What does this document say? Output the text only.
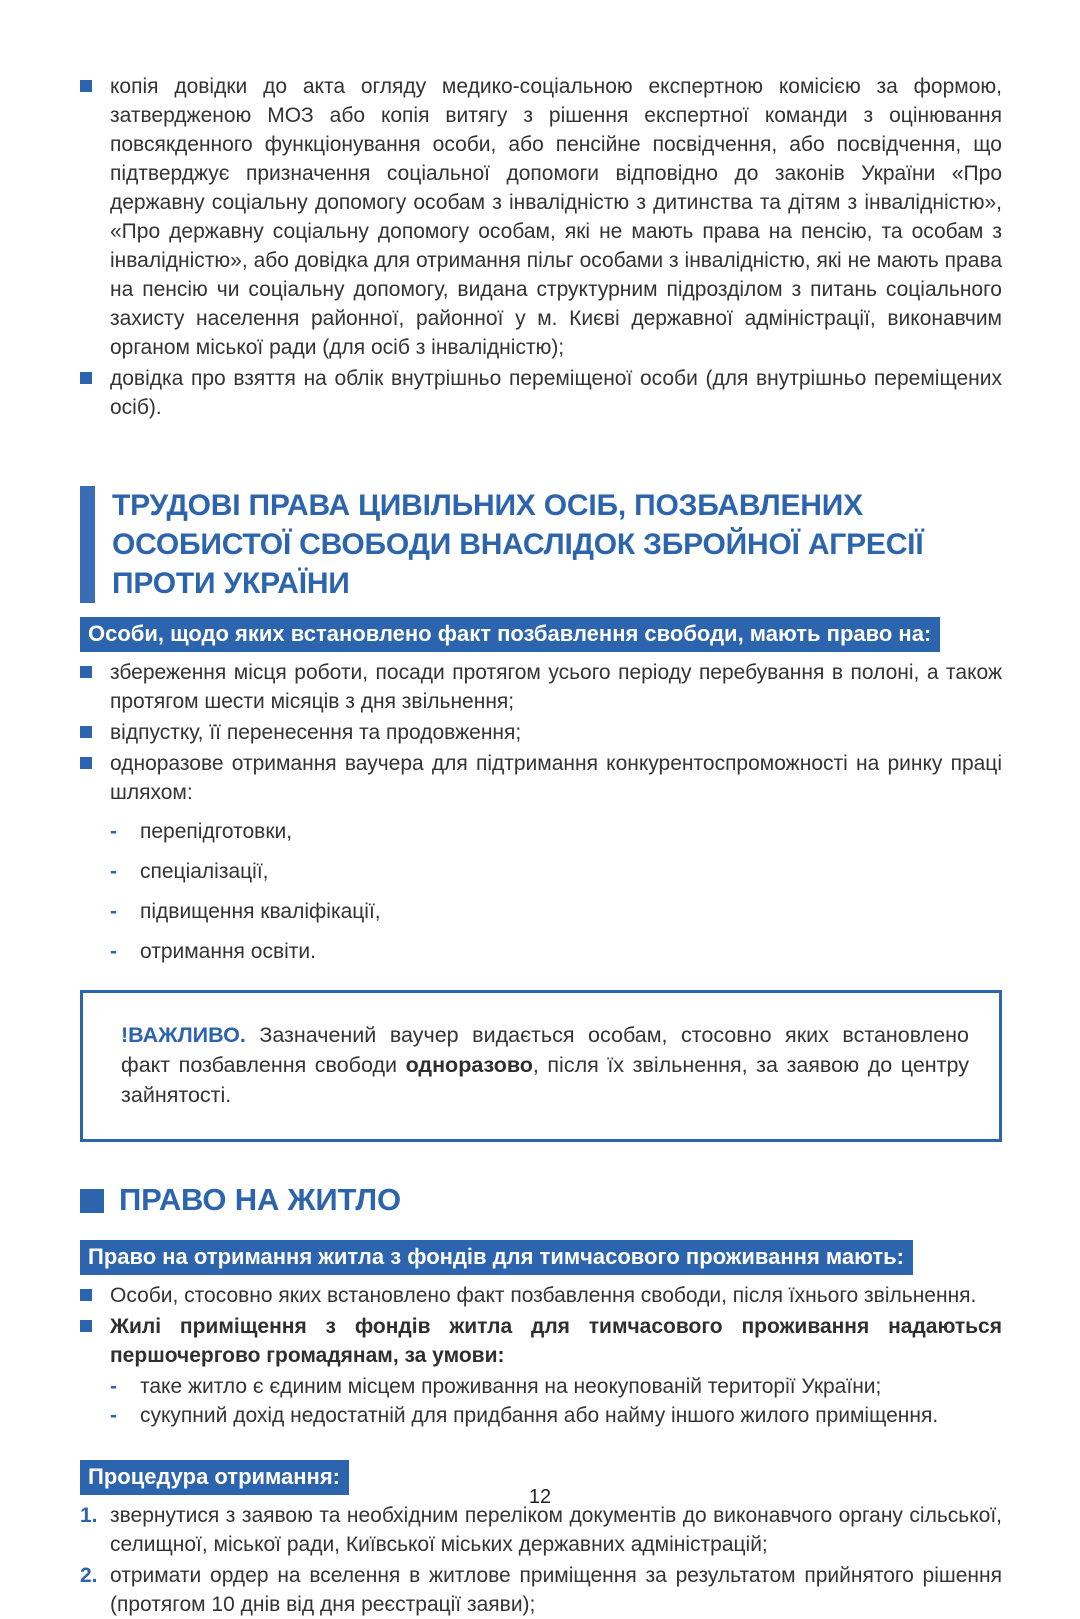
копія довідки до акта огляду медико-соціальною експертною комісією за формою, затвердженою МОЗ або копія витягу з рішення експертної команди з оцінювання повсякденного функціонування особи, або пенсійне посвідчення, або посвідчення, що підтверджує призначення соціальної допомоги відповідно до законів України «Про державну соціальну допомогу особам з інвалідністю з дитинства та дітям з інвалідністю», «Про державну соціальну допомогу особам, які не мають права на пенсію, та особам з інвалідністю», або довідка для отримання пільг особами з інвалідністю, які не мають права на пенсію чи соціальну допомогу, видана структурним підрозділом з питань соціального захисту населення районної, районної у м. Києві державної адміністрації, виконавчим органом міської ради (для осіб з інвалідністю);
довідка про взяття на облік внутрішньо переміщеної особи (для внутрішньо переміщених осіб).
ТРУДОВІ ПРАВА ЦИВІЛЬНИХ ОСІБ, ПОЗБАВЛЕНИХ ОСОБИСТОЇ СВОБОДИ ВНАСЛІДОК ЗБРОЙНОЇ АГРЕСІЇ ПРОТИ УКРАЇНИ
Особи, щодо яких встановлено факт позбавлення свободи, мають право на:
збереження місця роботи, посади протягом усього періоду перебування в полоні, а також протягом шести місяців з дня звільнення;
відпустку, її перенесення та продовження;
одноразове отримання ваучера для підтримання конкурентоспроможності на ринку праці шляхом:
-	перепідготовки,
-	спеціалізації,
-	підвищення кваліфікації,
-	отримання освіти.
!ВАЖЛИВО. Зазначений ваучер видається особам, стосовно яких встановлено факт позбавлення свободи одноразово, після їх звільнення, за заявою до центру зайнятості.
ПРАВО НА ЖИТЛО
Право на отримання житла з фондів для тимчасового проживання мають:
Особи, стосовно яких встановлено факт позбавлення свободи, після їхнього звільнення.
Жилі приміщення з фондів житла для тимчасового проживання надаються першочергово громадянам, за умови:
-	таке житло є єдиним місцем проживання на неокупованій території України;
-	сукупний дохід недостатній для придбання або найму іншого жилого приміщення.
Процедура отримання:
1. звернутися з заявою та необхідним переліком документів до виконавчого органу сільської, селищної, міської ради, Київської міських державних адміністрацій;
2. отримати ордер на вселення в житлове приміщення за результатом прийнятого рішення (протягом 10 днів від дня реєстрації заяви);
12
